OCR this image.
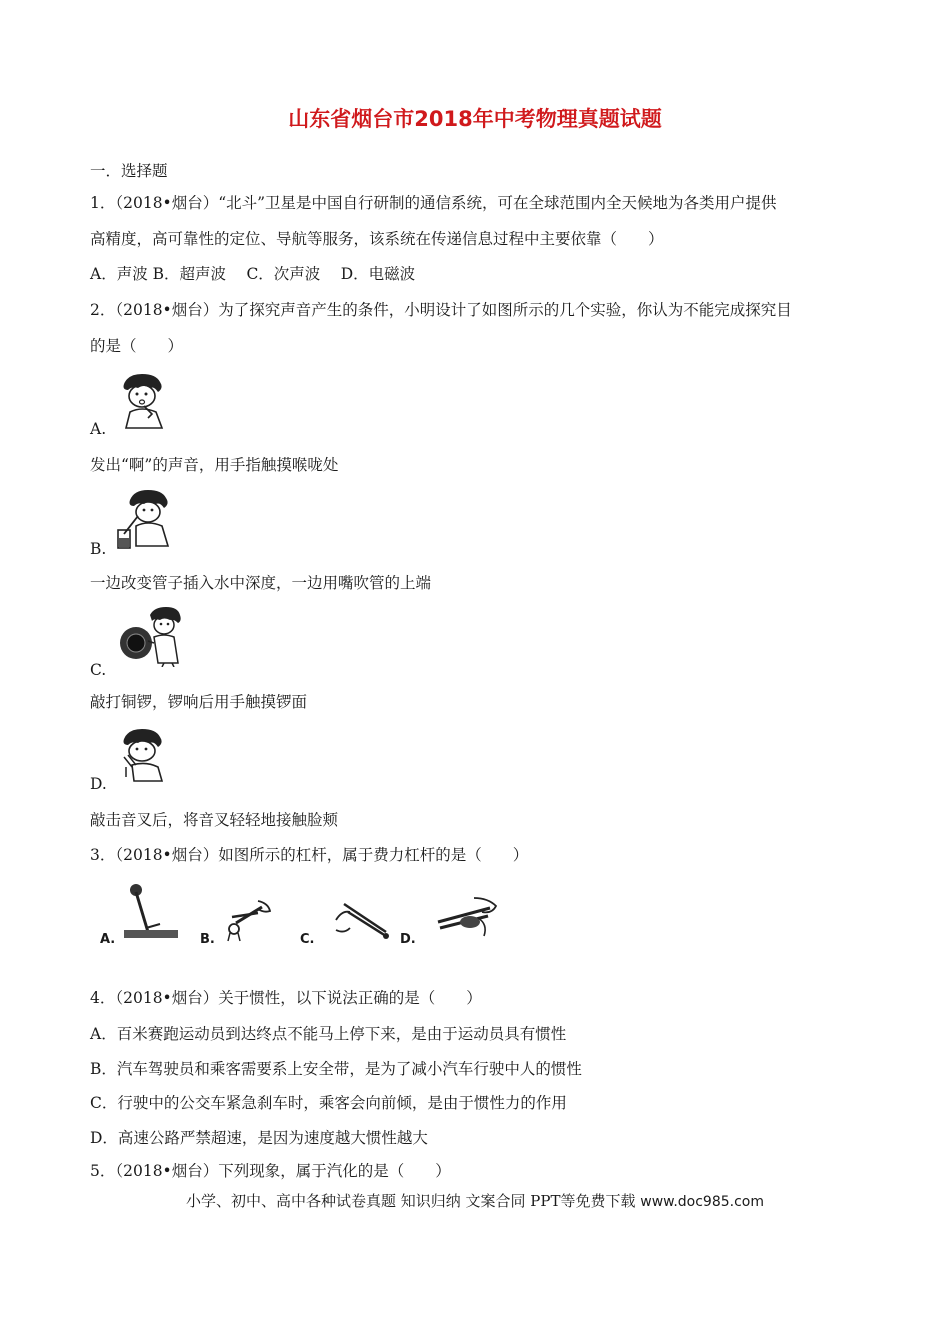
山东省烟台市2018年中考物理真题试题
一．选择题
1．（2018•烟台）“北斗”卫星是中国自行研制的通信系统，可在全球范围内全天候地为各类用户提供
高精度，高可靠性的定位、导航等服务，该系统在传递信息过程中主要依靠（　　）
A．声波 B．超声波　 C．次声波　 D．电磁波
2．（2018•烟台）为了探究声音产生的条件，小明设计了如图所示的几个实验，你认为不能完成探究目
的是（　　）
A.
发出“啊”的声音，用手指触摸喉咙处
B.
一边改变管子插入水中深度，一边用嘴吹管的上端
C.
敲打铜锣，锣响后用手触摸锣面
D.
敲击音叉后，将音叉轻轻地接触脸颊
3．（2018•烟台）如图所示的杠杆，属于费力杠杆的是（　　）
A.	B.	C.	D.
4．（2018•烟台）关于惯性，以下说法正确的是（　　）
A．百米赛跑运动员到达终点不能马上停下来，是由于运动员具有惯性
B．汽车驾驶员和乘客需要系上安全带，是为了减小汽车行驶中人的惯性
C．行驶中的公交车紧急刹车时，乘客会向前倾，是由于惯性力的作用
D．高速公路严禁超速，是因为速度越大惯性越大
5．（2018•烟台）下列现象，属于汽化的是（　　）
小学、初中、高中各种试卷真题 知识归纳 文案合同 PPT等免费下载 www.doc985.com
